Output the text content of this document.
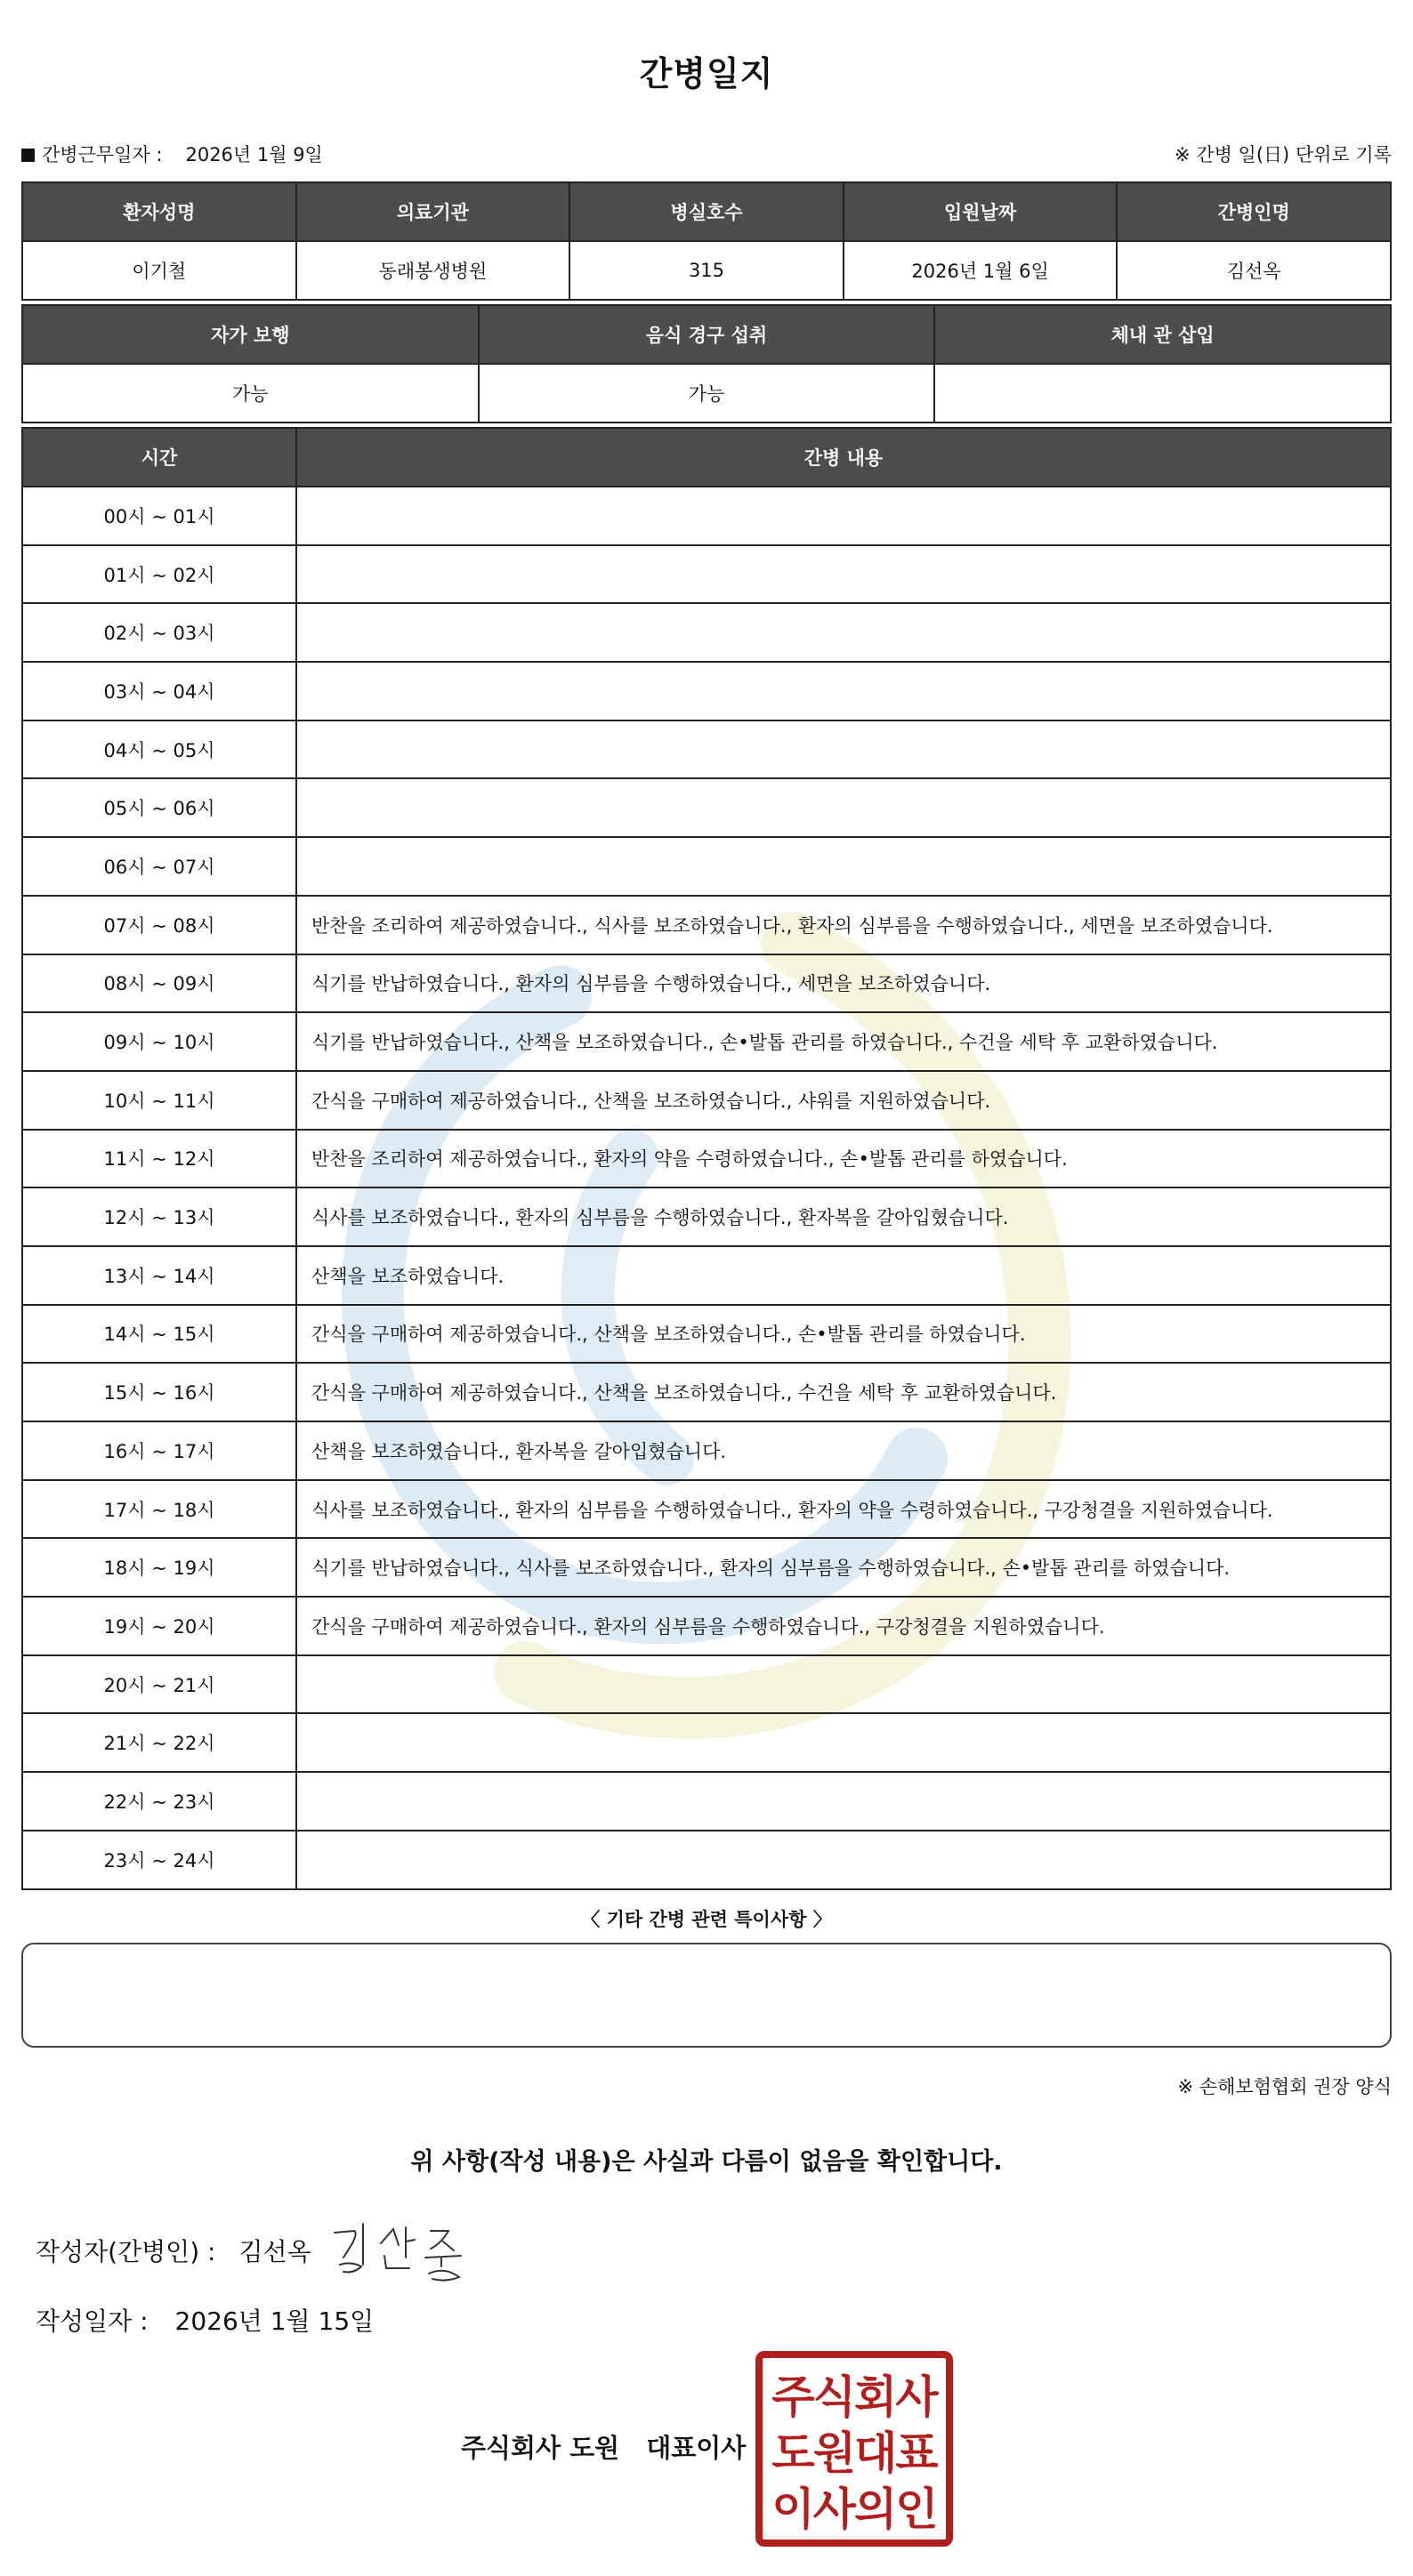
간병일지
간병근무일자 : 2026년 1월 9일	※ 간병 일(日) 단위로 기록
환자성명	의료기관	병실호수	입원날짜	간병인명
이기철	동래봉생병원	315	2026년 1월 6일	김선옥
자가 보행	음식 경구 섭취	체내 관 삽입
가능	가능	
시간	간병 내용
00시 ~ 01시	
01시 ~ 02시	
02시 ~ 03시	
03시 ~ 04시	
04시 ~ 05시	
05시 ~ 06시	
06시 ~ 07시	
07시 ~ 08시	반찬을 조리하여 제공하였습니다., 식사를 보조하였습니다., 환자의 심부름을 수행하였습니다., 세면을 보조하였습니다.
08시 ~ 09시	식기를 반납하였습니다., 환자의 심부름을 수행하였습니다., 세면을 보조하였습니다.
09시 ~ 10시	식기를 반납하였습니다., 산책을 보조하였습니다., 손•발톱 관리를 하였습니다., 수건을 세탁 후 교환하였습니다.
10시 ~ 11시	간식을 구매하여 제공하였습니다., 산책을 보조하였습니다., 샤워를 지원하였습니다.
11시 ~ 12시	반찬을 조리하여 제공하였습니다., 환자의 약을 수령하였습니다., 손•발톱 관리를 하였습니다.
12시 ~ 13시	식사를 보조하였습니다., 환자의 심부름을 수행하였습니다., 환자복을 갈아입혔습니다.
13시 ~ 14시	산책을 보조하였습니다.
14시 ~ 15시	간식을 구매하여 제공하였습니다., 산책을 보조하였습니다., 손•발톱 관리를 하였습니다.
15시 ~ 16시	간식을 구매하여 제공하였습니다., 산책을 보조하였습니다., 수건을 세탁 후 교환하였습니다.
16시 ~ 17시	산책을 보조하였습니다., 환자복을 갈아입혔습니다.
17시 ~ 18시	식사를 보조하였습니다., 환자의 심부름을 수행하였습니다., 환자의 약을 수령하였습니다., 구강청결을 지원하였습니다.
18시 ~ 19시	식기를 반납하였습니다., 식사를 보조하였습니다., 환자의 심부름을 수행하였습니다., 손•발톱 관리를 하였습니다.
19시 ~ 20시	간식을 구매하여 제공하였습니다., 환자의 심부름을 수행하였습니다., 구강청결을 지원하였습니다.
20시 ~ 21시	
21시 ~ 22시	
22시 ~ 23시	
23시 ~ 24시	
〈 기타 간병 관련 특이사항 〉
※ 손해보험협회 권장 양식
위 사항(작성 내용)은 사실과 다름이 없음을 확인합니다.
작성자(간병인) : 김선옥
작성일자 : 2026년 1월 15일
주식회사 도원 대표이사
주식회사
도원대표
이사의인
